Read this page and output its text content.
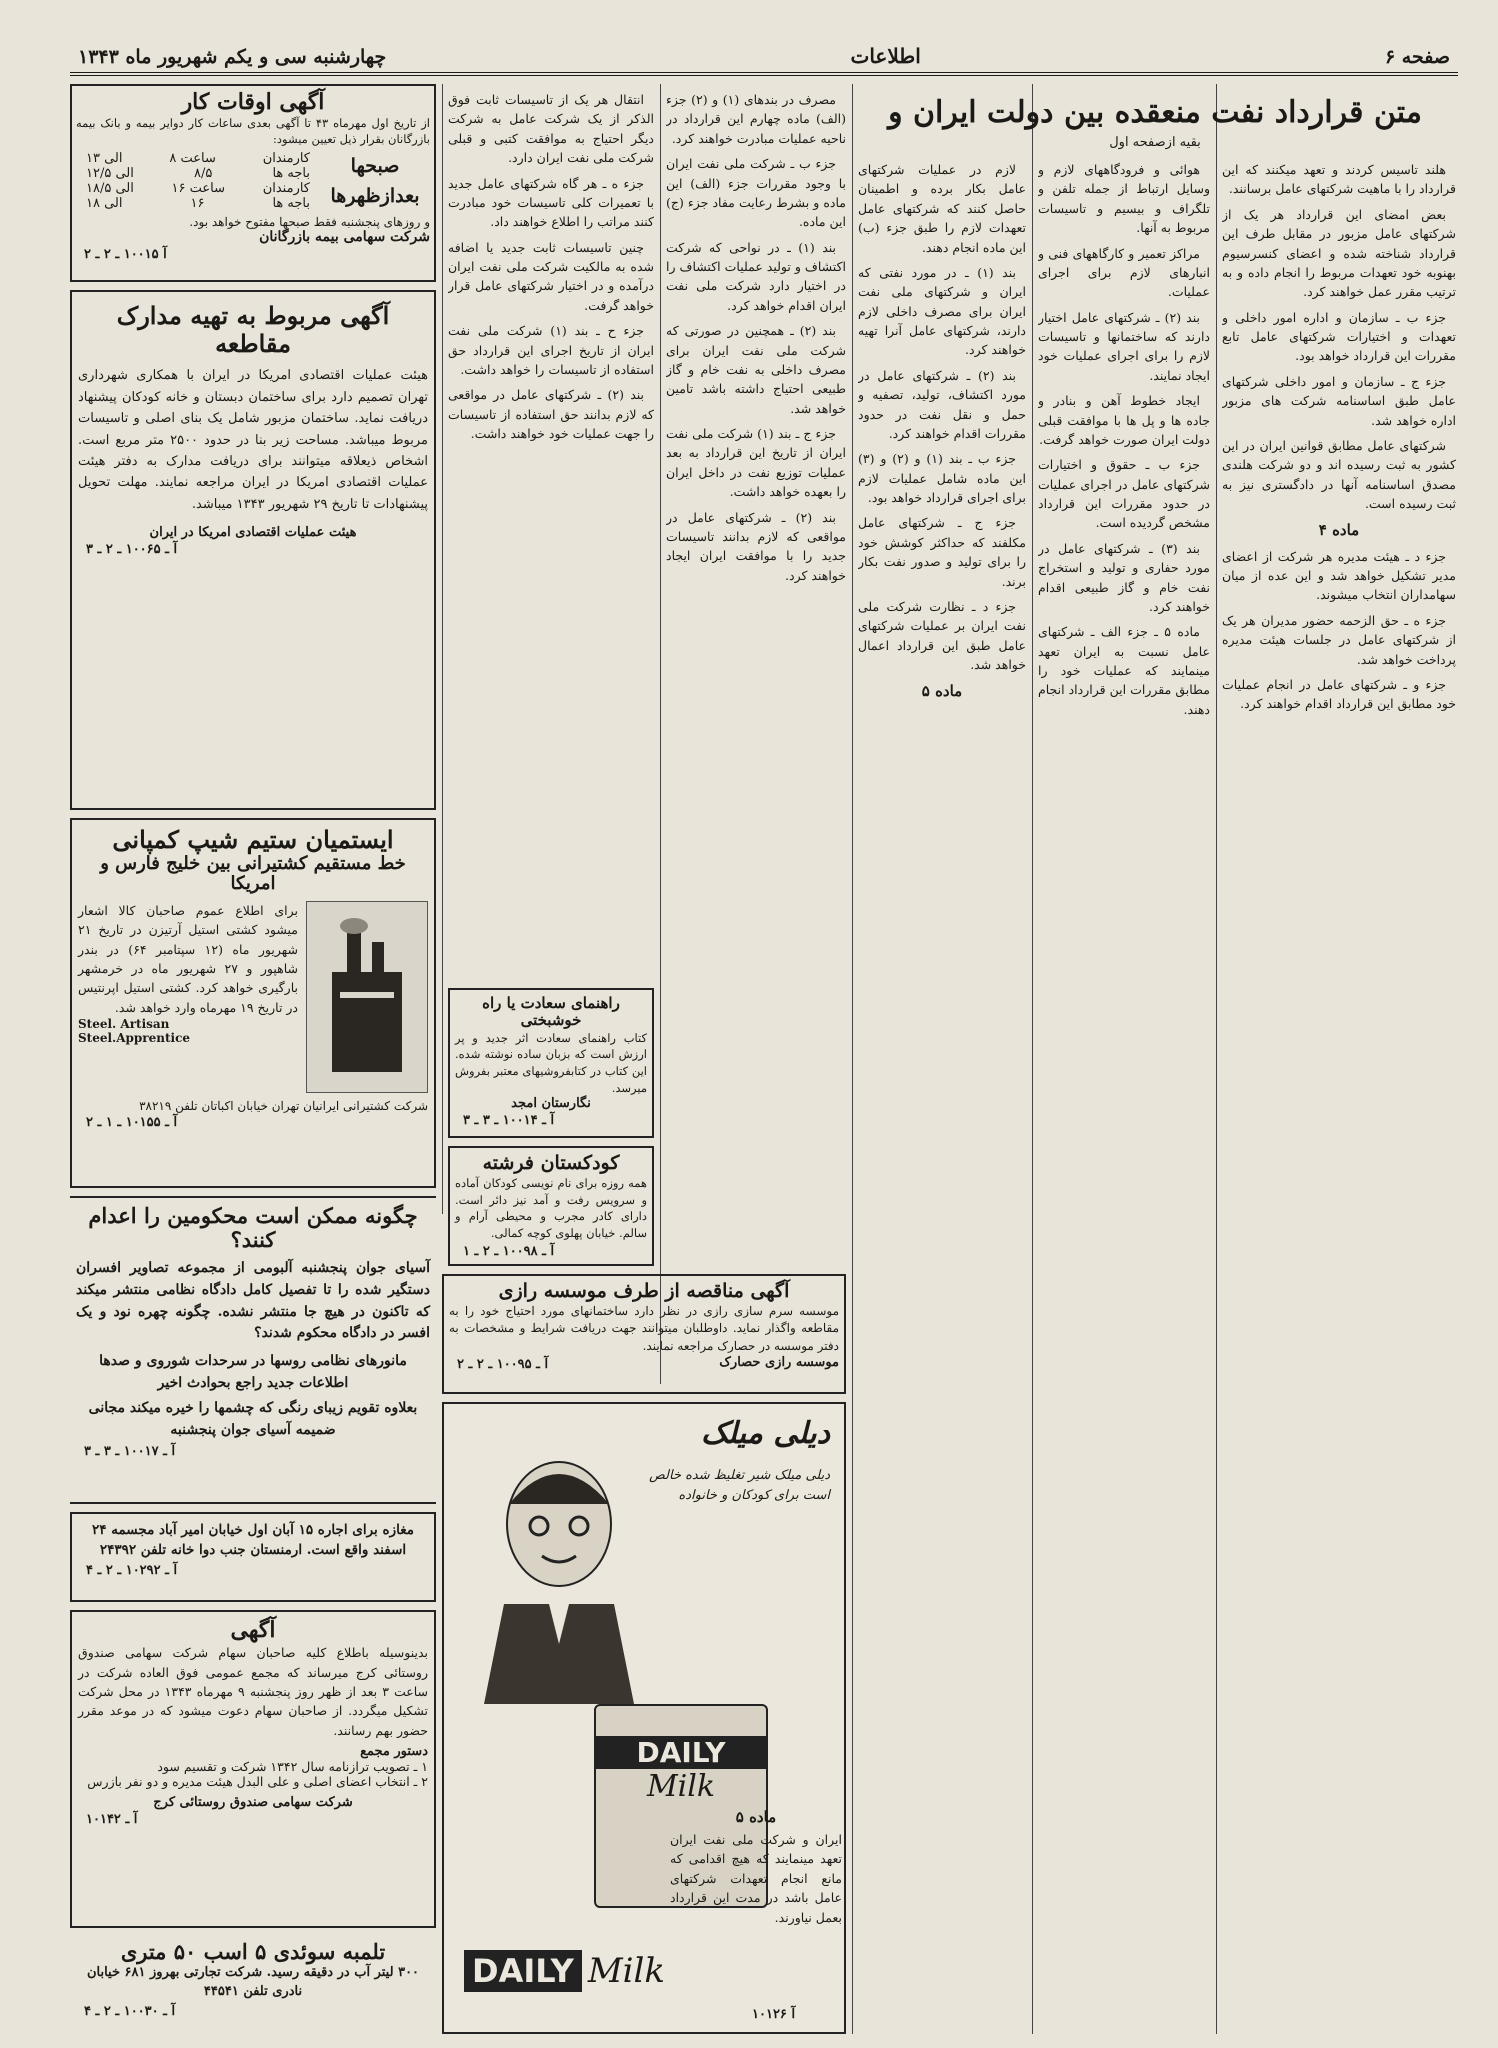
صفحه ۶
اطلاعات
چهارشنبه سی و یکم شهریور ماه ۱۳۴۳
متن قرارداد نفت منعقده بین دولت ایران و
بقیه ازصفحه اول

هلند تاسیس کردند و تعهد میکنند که این قرارداد را با ماهیت شرکتهای عامل برسانند.

بعض امضای این قرارداد هر یک از شرکتهای عامل مزبور در مقابل طرف این قرارداد شناخته شده و اعضای کنسرسیوم بهنوبه خود تعهدات مربوط را انجام داده و به ترتیب مقرر عمل خواهند کرد.

جزء ب ـ سازمان و اداره امور داخلی و تعهدات و اختیارات شرکتهای عامل تابع مقررات این قرارداد خواهد بود.

جزء ج ـ سازمان و امور داخلی شرکتهای عامل طبق اساسنامه شرکت های مزبور اداره خواهد شد.

شرکتهای عامل مطابق قوانین ایران در این کشور به ثبت رسیده اند و دو شرکت هلندی مصدق اساسنامه آنها در دادگستری نیز به ثبت رسیده است.

ماده ۴

جزء د ـ هیئت مدیره هر شرکت از اعضای مدیر تشکیل خواهد شد و این عده از میان سهامداران انتخاب میشوند.

جزء ه ـ حق الزحمه حضور مدیران هر یک از شرکتهای عامل در جلسات هیئت مدیره پرداخت خواهد شد.

جزء و ـ شرکتهای عامل در انجام عملیات خود مطابق این قرارداد اقدام خواهند کرد.

هوائی و فرودگاههای لازم و وسایل ارتباط از جمله تلفن و تلگراف و بیسیم و تاسیسات مربوط به آنها.

مراکز تعمیر و کارگاههای فنی و انبارهای لازم برای اجرای عملیات.

بند (۲) ـ شرکتهای عامل اختیار دارند که ساختمانها و تاسیسات لازم را برای اجرای عملیات خود ایجاد نمایند.

ایجاد خطوط آهن و بنادر و جاده ها و پل ها با موافقت قبلی دولت ایران صورت خواهد گرفت.

جزء ب ـ حقوق و اختیارات شرکتهای عامل در اجرای عملیات در حدود مقررات این قرارداد مشخص گردیده است.

بند (۳) ـ شرکتهای عامل در مورد حفاری و تولید و استخراج نفت خام و گاز طبیعی اقدام خواهند کرد.

ماده ۵ ـ جزء الف ـ شرکتهای عامل نسبت به ایران تعهد مینمایند که عملیات خود را مطابق مقررات این قرارداد انجام دهند.

لازم در عملیات شرکتهای عامل بکار برده و اطمینان حاصل کنند که شرکتهای عامل تعهدات لازم را طبق جزء (ب) این ماده انجام دهند.

بند (۱) ـ در مورد نفتی که ایران و شرکتهای ملی نفت ایران برای مصرف داخلی لازم دارند، شرکتهای عامل آنرا تهیه خواهند کرد.

بند (۲) ـ شرکتهای عامل در مورد اکتشاف، تولید، تصفیه و حمل و نقل نفت در حدود مقررات اقدام خواهند کرد.

جزء ب ـ بند (۱) و (۲) و (۳) این ماده شامل عملیات لازم برای اجرای قرارداد خواهد بود.

جزء ج ـ شرکتهای عامل مکلفند که حداکثر کوشش خود را برای تولید و صدور نفت بکار برند.

جزء د ـ نظارت شرکت ملی نفت ایران بر عملیات شرکتهای عامل طبق این قرارداد اعمال خواهد شد.

ماده ۵

مصرف در بندهای (۱) و (۲) جزء (الف) ماده چهارم این قرارداد در ناحیه عملیات مبادرت خواهند کرد.

جزء ب ـ شرکت ملی نفت ایران با وجود مقررات جزء (الف) این ماده و بشرط رعایت مفاد جزء (ج) این ماده.

بند (۱) ـ در نواحی که شرکت اکتشاف و تولید عملیات اکتشاف را در اختیار دارد شرکت ملی نفت ایران اقدام خواهد کرد.

بند (۲) ـ همچنین در صورتی که شرکت ملی نفت ایران برای مصرف داخلی به نفت خام و گاز طبیعی احتیاج داشته باشد تامین خواهد شد.

جزء ج ـ بند (۱) شرکت ملی نفت ایران از تاریخ این قرارداد به بعد عملیات توزیع نفت در داخل ایران را بعهده خواهد داشت.

بند (۲) ـ شرکتهای عامل در مواقعی که لازم بدانند تاسیسات جدید را با موافقت ایران ایجاد خواهند کرد.

انتقال هر یک از تاسیسات ثابت فوق الذکر از یک شرکت عامل به شرکت دیگر احتیاج به موافقت کتبی و قبلی شرکت ملی نفت ایران دارد.

جزء ه ـ هر گاه شرکتهای عامل جدید با تعمیرات کلی تاسیسات خود مبادرت کنند مراتب را اطلاع خواهند داد.

چنین تاسیسات ثابت جدید یا اضافه شده به مالکیت شرکت ملی نفت ایران درآمده و در اختیار شرکتهای عامل قرار خواهد گرفت.

جزء ح ـ بند (۱) شرکت ملی نفت ایران از تاریخ اجرای این قرارداد حق استفاده از تاسیسات را خواهد داشت.

بند (۲) ـ شرکتهای عامل در مواقعی که لازم بدانند حق استفاده از تاسیسات را جهت عملیات خود خواهند داشت.

آگهی اوقات کار
از تاریخ اول مهرماه ۴۳ تا آگهی بعدی ساعات کار دوایر بیمه و بانک بیمه بازرگانان بقرار ذیل تعیین میشود:
صبحها
بعدازظهرها
کارمندان
ساعت ۸
الی ۱۳
باجه ها
۸/۵
الی ۱۲/۵
کارمندان
ساعت ۱۶
الی ۱۸/۵
باجه ها
۱۶
الی ۱۸
و روزهای پنجشنبه فقط صبحها مفتوح خواهد بود.
شرکت سهامی بیمه بازرگانان
آ ۱۰۰۱۵ ـ ۲ ـ ۲
آگهی مربوط به تهیه مدارک مقاطعه
هیئت عملیات اقتصادی امریکا در ایران با همکاری شهرداری تهران تصمیم دارد برای ساختمان دبستان و خانه کودکان پیشنهاد دریافت نماید. ساختمان مزبور شامل یک بنای اصلی و تاسیسات مربوط میباشد. مساحت زیر بنا در حدود ۲۵۰۰ متر مربع است. اشخاص ذیعلاقه میتوانند برای دریافت مدارک به دفتر هیئت عملیات اقتصادی امریکا در ایران مراجعه نمایند. مهلت تحویل پیشنهادات تا تاریخ ۲۹ شهریور ۱۳۴۳ میباشد.
هیئت عملیات اقتصادی امریکا در ایران
آ ـ ۱۰۰۶۵ ـ ۲ ـ ۳
ایستمیان ستیم شیپ کمپانی
خط مستقیم کشتیرانی بین خلیج فارس و امریکا
برای اطلاع عموم صاحبان کالا اشعار میشود کشتی استیل آرتیزن در تاریخ ۲۱ شهریور ماه (۱۲ سپتامبر ۶۴) در بندر شاهپور و ۲۷ شهریور ماه در خرمشهر بارگیری خواهد کرد. کشتی استیل اپرنتیس در تاریخ ۱۹ مهرماه وارد خواهد شد.
Steel. Artisan
Steel.Apprentice
شرکت کشتیرانی ایرانیان تهران خیابان اکباتان تلفن ۳۸۲۱۹
آ ـ ۱۰۱۵۵ ـ ۱ ـ ۲
چگونه ممکن است محکومین را اعدام کنند؟
آسیای جوان پنجشنبه آلبومی از مجموعه تصاویر افسران دستگیر شده را تا تفصیل کامل دادگاه نظامی منتشر میکند که تاکنون در هیچ جا منتشر نشده. چگونه چهره نود و یک افسر در دادگاه محکوم شدند؟
مانورهای نظامی روسها در سرحدات شوروی و صدها اطلاعات جدید راجع بحوادث اخیر
بعلاوه تقویم زیبای رنگی که چشمها را خیره میکند مجانی ضمیمه آسیای جوان پنجشنبه
آ ـ ۱۰۰۱۷ ـ ۳ ـ ۳
مغازه برای اجاره ۱۵ آبان اول خیابان امیر آباد مجسمه ۲۴ اسفند واقع است. ارمنستان جنب دوا خانه تلفن ۲۴۳۹۲
آ ـ ۱۰۲۹۲ ـ ۲ ـ ۴
آگهی
بدینوسیله باطلاع کلیه صاحبان سهام شرکت سهامی صندوق روستائی کرج میرساند که مجمع عمومی فوق العاده شرکت در ساعت ۳ بعد از ظهر روز پنجشنبه ۹ مهرماه ۱۳۴۳ در محل شرکت تشکیل میگردد. از صاحبان سهام دعوت میشود که در موعد مقرر حضور بهم رسانند.
دستور مجمع
۱ ـ تصویب ترازنامه سال ۱۳۴۲ شرکت و تقسیم سود
۲ ـ انتخاب اعضای اصلی و علی البدل هیئت مدیره و دو نفر بازرس
شرکت سهامی صندوق روستائی کرج
آ ـ ۱۰۱۴۲
تلمبه سوئدی ۵ اسب ۵۰ متری
۳۰۰ لیتر آب در دقیقه رسید. شرکت تجارتی بهروز ۶۸۱ خیابان نادری تلفن ۴۴۵۴۱
آ ـ ۱۰۰۳۰ ـ ۲ ـ ۴
راهنمای سعادت یا راه خوشبختی
کتاب راهنمای سعادت اثر جدید و پر ارزش است که بزبان ساده نوشته شده. این کتاب در کتابفروشیهای معتبر بفروش میرسد.
نگارستان امجد
آ ـ ۱۰۰۱۴ ـ ۳ ـ ۳
کودکستان فرشته
همه روزه برای نام نویسی کودکان آماده و سرویس رفت و آمد نیز دائر است. دارای کادر مجرب و محیطی آرام و سالم. خیابان پهلوی کوچه کمالی.
آ ـ ۱۰۰۹۸ ـ ۲ ـ ۱
آگهی مناقصه از طرف موسسه رازی
موسسه سرم سازی رازی در نظر دارد ساختمانهای مورد احتیاج خود را به مقاطعه واگذار نماید. داوطلبان میتوانند جهت دریافت شرایط و مشخصات به دفتر موسسه در حصارک مراجعه نمایند.
موسسه رازی حصارک
آ ـ ۱۰۰۹۵ ـ ۲ ـ ۲
دیلی میلک
دیلی میلک شیر تغلیظ شده خالص است برای کودکان و خانواده
DAILY
Milk
DAILY Milk
آ ۱۰۱۲۶
ماده ۵
ایران و شرکت ملی نفت ایران تعهد مینمایند که هیچ اقدامی که مانع انجام تعهدات شرکتهای عامل باشد در مدت این قرارداد بعمل نیاورند.
